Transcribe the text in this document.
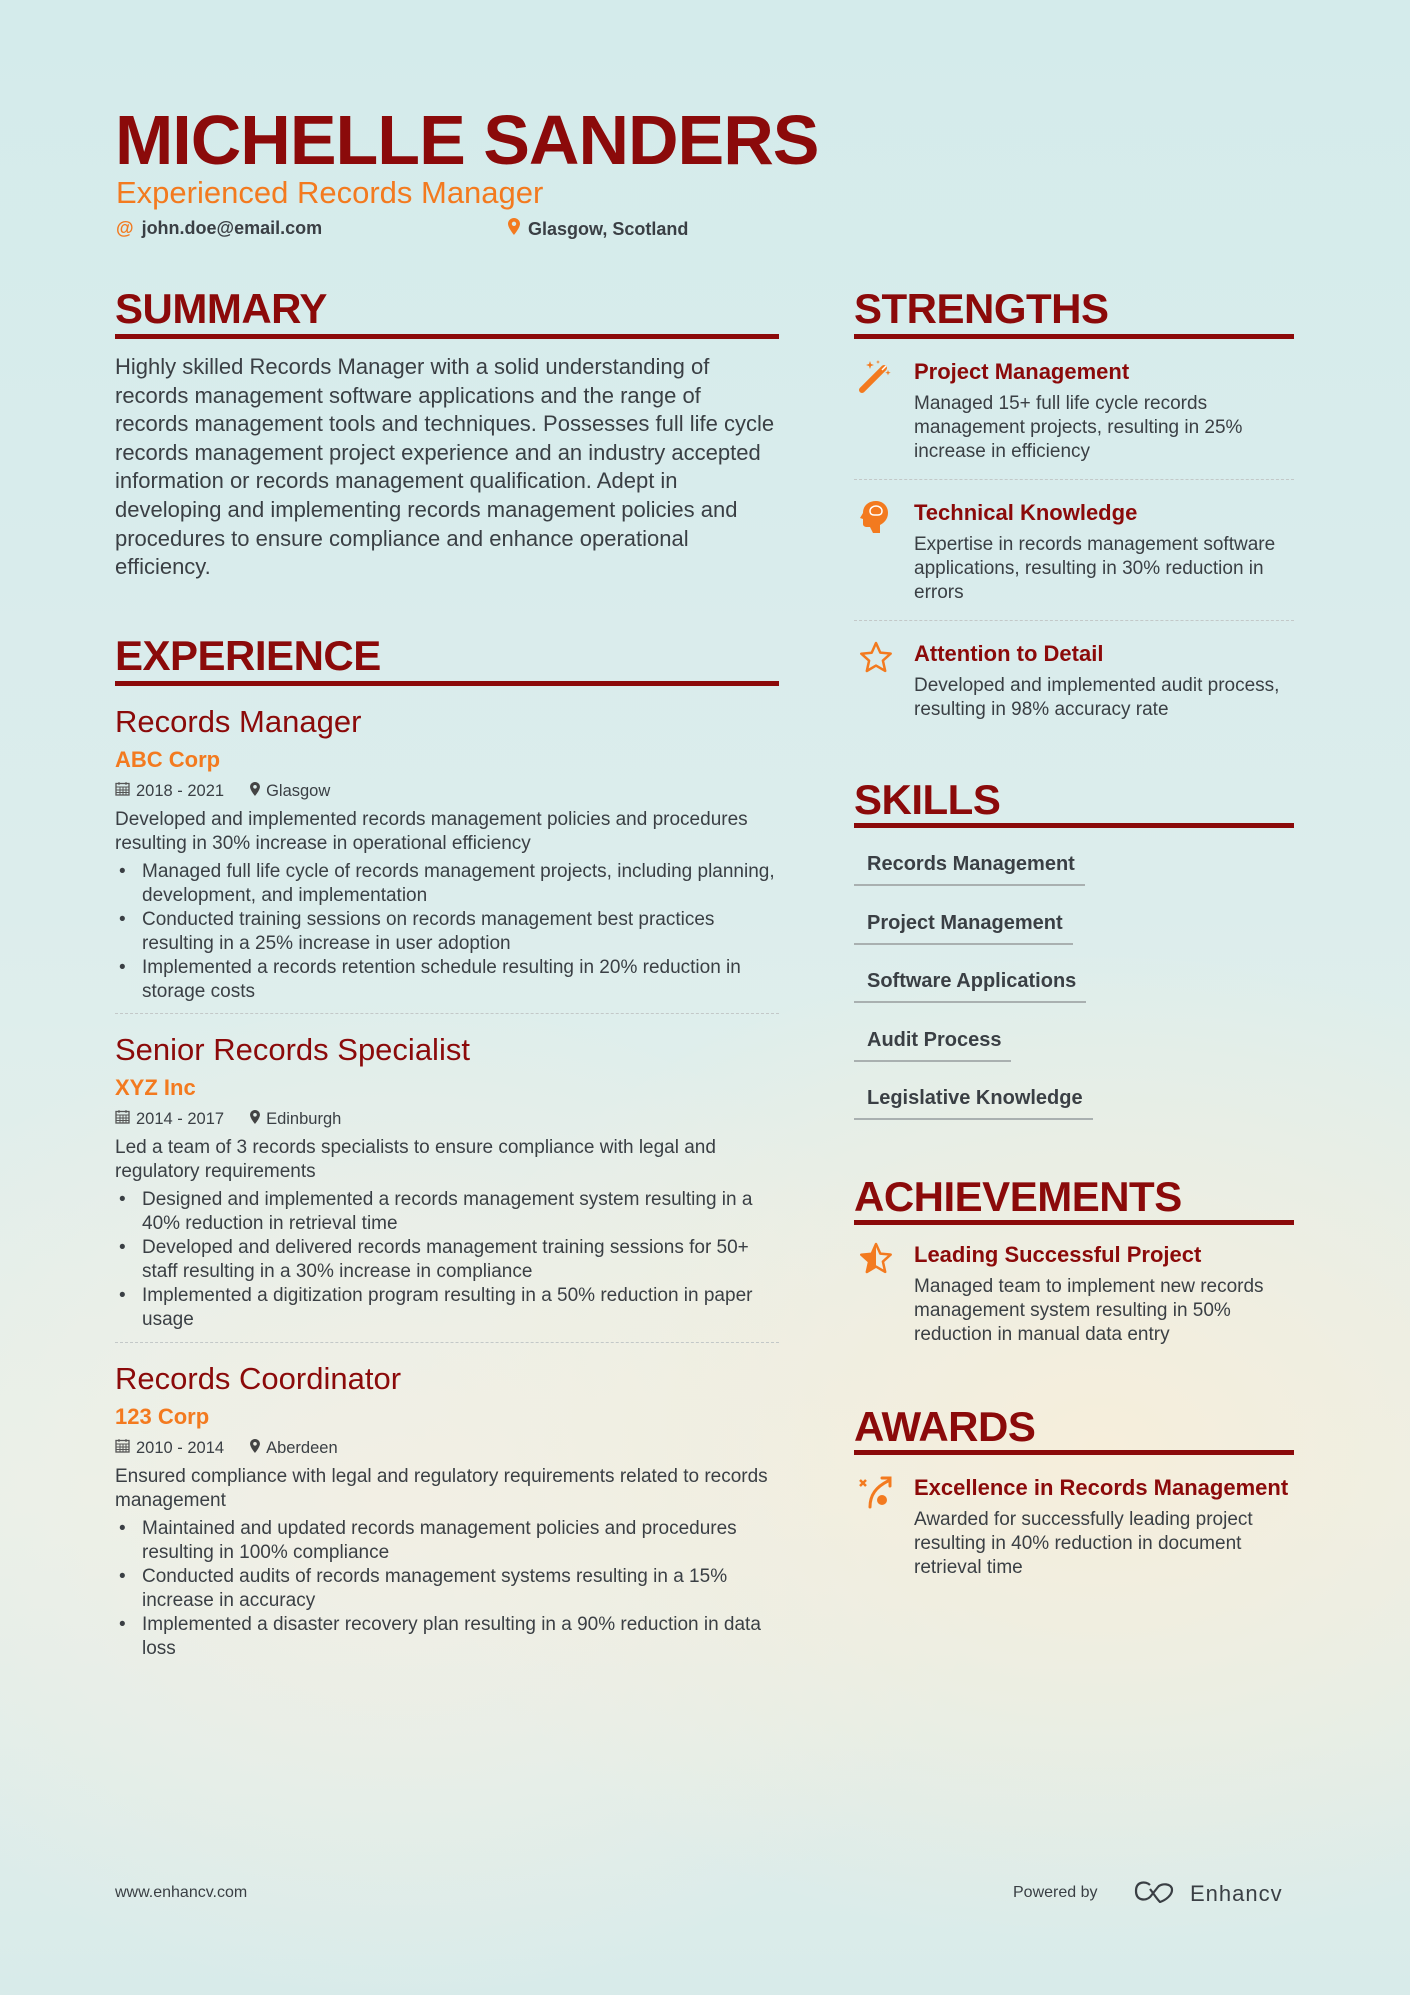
MICHELLE SANDERS
Experienced Records Manager
@ john.doe@email.com	Glasgow, Scotland
SUMMARY
Highly skilled Records Manager with a solid understanding of records management software applications and the range of records management tools and techniques. Possesses full life cycle records management project experience and an industry accepted information or records management qualification. Adept in developing and implementing records management policies and procedures to ensure compliance and enhance operational efficiency.
EXPERIENCE
Records Manager
ABC Corp
2018 - 2021	Glasgow
Developed and implemented records management policies and procedures resulting in 30% increase in operational efficiency
• Managed full life cycle of records management projects, including planning, development, and implementation
• Conducted training sessions on records management best practices resulting in a 25% increase in user adoption
• Implemented a records retention schedule resulting in 20% reduction in storage costs
Senior Records Specialist
XYZ Inc
2014 - 2017	Edinburgh
Led a team of 3 records specialists to ensure compliance with legal and regulatory requirements
• Designed and implemented a records management system resulting in a 40% reduction in retrieval time
• Developed and delivered records management training sessions for 50+ staff resulting in a 30% increase in compliance
• Implemented a digitization program resulting in a 50% reduction in paper usage
Records Coordinator
123 Corp
2010 - 2014	Aberdeen
Ensured compliance with legal and regulatory requirements related to records management
• Maintained and updated records management policies and procedures resulting in 100% compliance
• Conducted audits of records management systems resulting in a 15% increase in accuracy
• Implemented a disaster recovery plan resulting in a 90% reduction in data loss
STRENGTHS
Project Management
Managed 15+ full life cycle records management projects, resulting in 25% increase in efficiency
Technical Knowledge
Expertise in records management software applications, resulting in 30% reduction in errors
Attention to Detail
Developed and implemented audit process, resulting in 98% accuracy rate
SKILLS
Records Management
Project Management
Software Applications
Audit Process
Legislative Knowledge
ACHIEVEMENTS
Leading Successful Project
Managed team to implement new records management system resulting in 50% reduction in manual data entry
AWARDS
Excellence in Records Management
Awarded for successfully leading project resulting in 40% reduction in document retrieval time
www.enhancv.com	Powered by	Enhancv
